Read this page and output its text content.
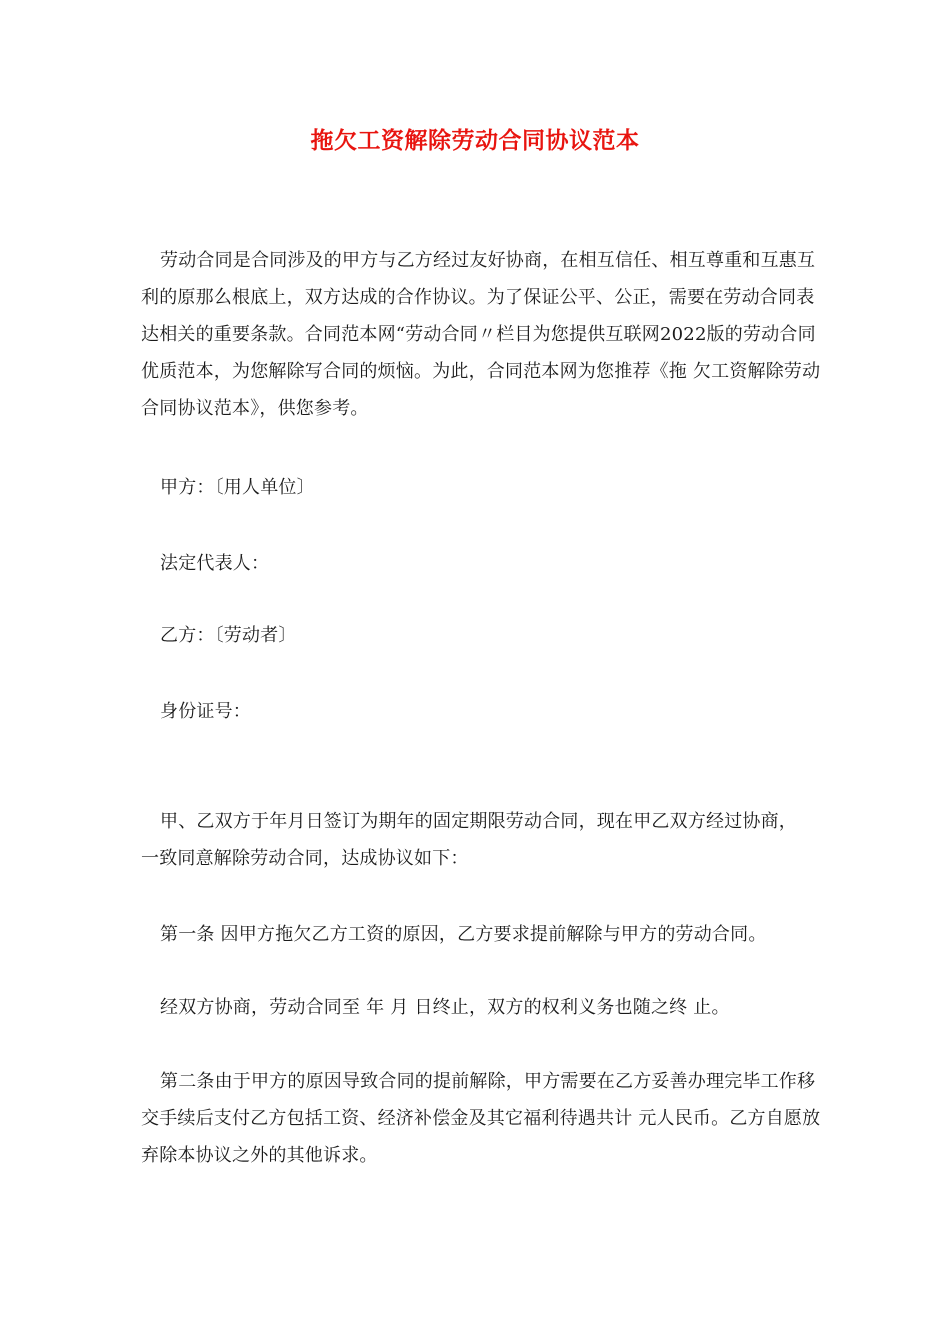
拖欠工资解除劳动合同协议范本

劳动合同是合同涉及的甲方与乙方经过友好协商，在相互信任、相互尊重和互惠互利的原那么根底上，双方达成的合作协议。为了保证公平、公正，需要在劳动合同表达相关的重要条款。合同范本网“劳动合同〃栏目为您提供互联网2022版的劳动合同优质范本，为您解除写合同的烦恼。为此，合同范本网为您推荐《拖 欠工资解除劳动合同协议范本》，供您参考。

甲方：〔用人单位〕

法定代表人：

乙方：〔劳动者〕

身份证号：

甲、乙双方于年月日签订为期年的固定期限劳动合同，现在甲乙双方经过协商， 一致同意解除劳动合同，达成协议如下：

第一条 因甲方拖欠乙方工资的原因，乙方要求提前解除与甲方的劳动合同。

经双方协商，劳动合同至 年 月 日终止，双方的权利义务也随之终 止。

第二条由于甲方的原因导致合同的提前解除，甲方需要在乙方妥善办理完毕工作移交手续后支付乙方包括工资、经济补偿金及其它福利待遇共计 元人民币。乙方自愿放弃除本协议之外的其他诉求。
